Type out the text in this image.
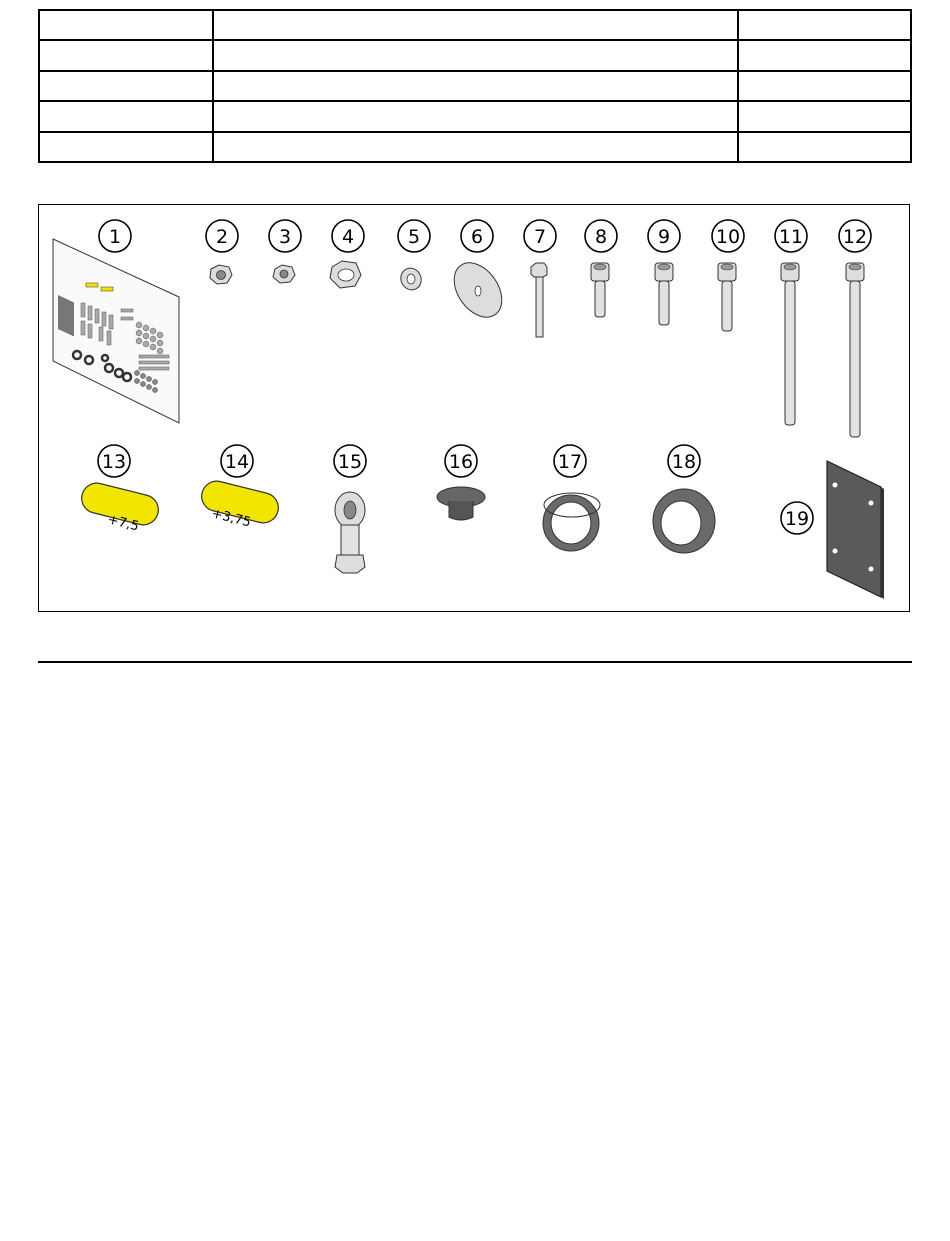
1	2	3	4	5	6	7	8	9 10 11 12
13	14	15	16	17	18
19
+7,5	+3,75
